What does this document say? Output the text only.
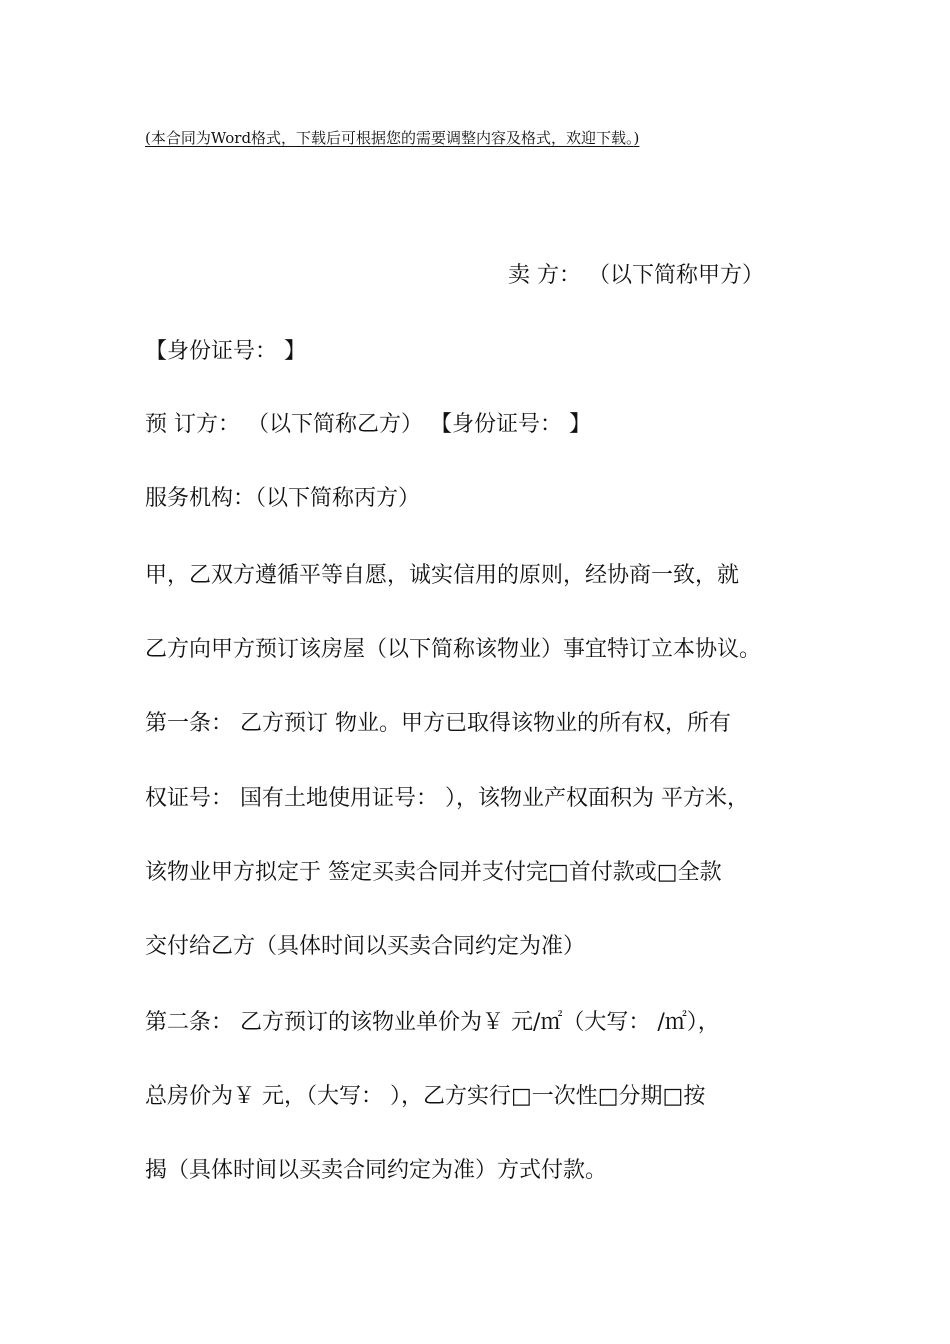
(本合同为Word格式，下载后可根据您的需要调整内容及格式，欢迎下载。)
卖 方： （以下简称甲方）
【身份证号： 】
预 订方： （以下简称乙方） 【身份证号： 】
服务机构：（以下简称丙方）
甲，乙双方遵循平等自愿，诚实信用的原则，经协商一致，就
乙方向甲方预订该房屋（以下简称该物业）事宜特订立本协议。
第一条： 乙方预订 物业。甲方已取得该物业的所有权，所有
权证号： 国有土地使用证号： ），该物业产权面积为 平方米，
该物业甲方拟定于 签定买卖合同并支付完□首付款或□全款
交付给乙方（具体时间以买卖合同约定为准）
第二条： 乙方预订的该物业单价为￥ 元/㎡（大写： /㎡），
总房价为￥ 元，（大写： ），乙方实行□一次性□分期□按
揭（具体时间以买卖合同约定为准）方式付款。
